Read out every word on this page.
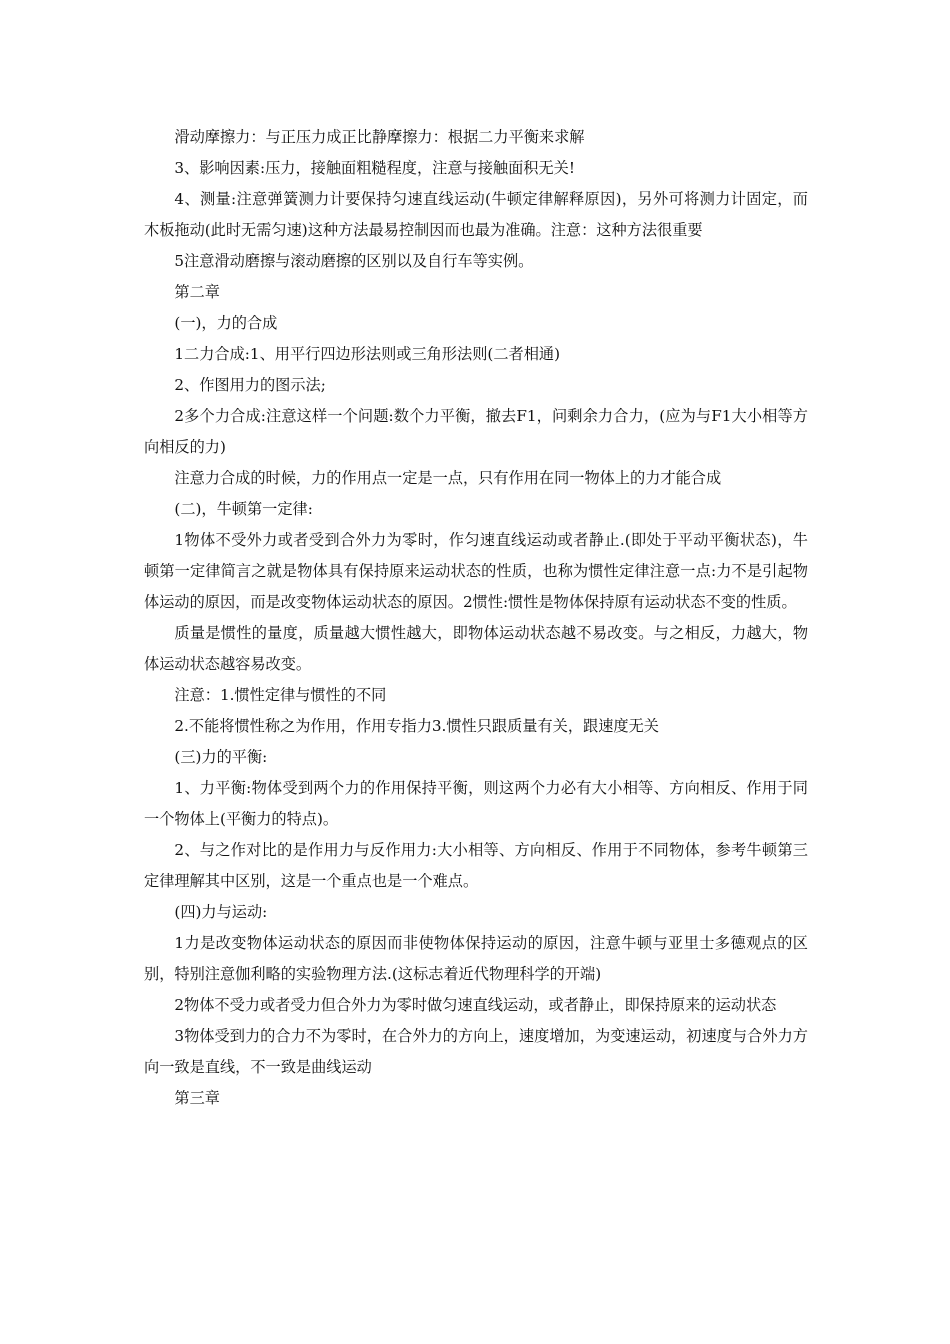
滑动摩擦力：与正压力成正比静摩擦力：根据二力平衡来求解

3、影响因素:压力，接触面粗糙程度，注意与接触面积无关!

4、测量:注意弹簧测力计要保持匀速直线运动(牛顿定律解释原因)，另外可将测力计固定，而木板拖动(此时无需匀速)这种方法最易控制因而也最为准确。注意：这种方法很重要

5注意滑动磨擦与滚动磨擦的区别以及自行车等实例。

第二章

(一)，力的合成

1二力合成:1、用平行四边形法则或三角形法则(二者相通)

2、作图用力的图示法;

2多个力合成:注意这样一个问题:数个力平衡，撤去F1，问剩余力合力，(应为与F1大小相等方向相反的力)

注意力合成的时候，力的作用点一定是一点，只有作用在同一物体上的力才能合成

(二)，牛顿第一定律:

1物体不受外力或者受到合外力为零时，作匀速直线运动或者静止.(即处于平动平衡状态)，牛顿第一定律简言之就是物体具有保持原来运动状态的性质，也称为惯性定律注意一点:力不是引起物体运动的原因，而是改变物体运动状态的原因。2惯性:惯性是物体保持原有运动状态不变的性质。

质量是惯性的量度，质量越大惯性越大，即物体运动状态越不易改变。与之相反，力越大，物体运动状态越容易改变。

注意：1.惯性定律与惯性的不同

2.不能将惯性称之为作用，作用专指力3.惯性只跟质量有关，跟速度无关

(三)力的平衡:

1、力平衡:物体受到两个力的作用保持平衡，则这两个力必有大小相等、方向相反、作用于同一个物体上(平衡力的特点)。

2、与之作对比的是作用力与反作用力:大小相等、方向相反、作用于不同物体，参考牛顿第三定律理解其中区别，这是一个重点也是一个难点。

(四)力与运动:

1力是改变物体运动状态的原因而非使物体保持运动的原因，注意牛顿与亚里士多德观点的区别，特别注意伽利略的实验物理方法.(这标志着近代物理科学的开端)

2物体不受力或者受力但合外力为零时做匀速直线运动，或者静止，即保持原来的运动状态

3物体受到力的合力不为零时，在合外力的方向上，速度增加，为变速运动，初速度与合外力方向一致是直线，不一致是曲线运动

第三章
